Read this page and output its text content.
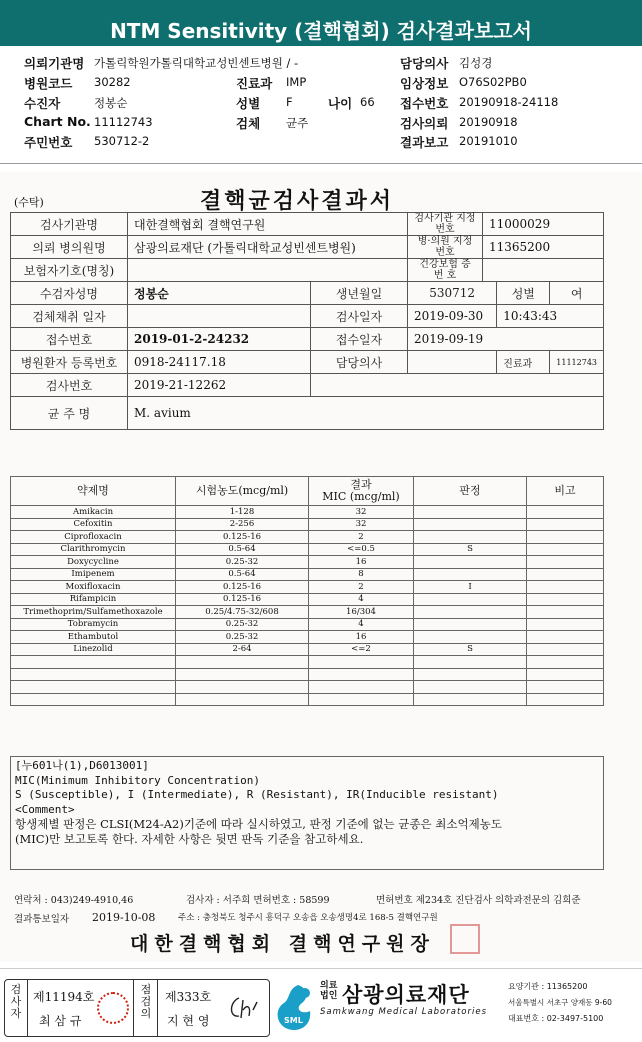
NTM Sensitivity (결핵협회) 검사결과보고서
의뢰기관명 가톨릭학원가톨릭대학교성빈센트병원 / -
병원코드 30282
수진자	정봉순
Chart No. 11112743
주민번호 530712-2
진료과 IMP
성별 F	나이 66
검체 균주
담당의사 김성경
임상정보 O76S02PB0
접수번호 20190918-24118
검사의뢰 20190918
결과보고 20191010
(수탁)	결핵균검사결과서
검사기관명	대한결핵협회 결핵연구원		검사기관 지정번호	11000029		
의뢰 병의원명	삼광의료재단 (가톨릭대학교성빈센트병원)		병·의원 지정번호	11365200		
보험자기호(명칭)			건강보험 증 번 호			
수검자성명	정봉순	생년월일	530712		성별	여
검체채취 일자		검사일자	2019-09-30		10:43:43	
접수번호	2019-01-2-24232	접수일자	2019-09-19			
병원환자 등록번호	0918-24117.18	담당의사			진료과	11112743
검사번호	2019-21-12262					
균 주 명	M. avium					
약제명	시험농도(mcg/ml)	결과
MIC (mcg/ml)	판정	비고
Amikacin	1-128	32		
Cefoxitin	2-256	32		
Ciprofloxacin	0.125-16	2		
Clarithromycin	0.5-64	<=0.5	S	
Doxycycline	0.25-32	16		
Imipenem	0.5-64	8		
Moxifloxacin	0.125-16	2	I	
Rifampicin	0.125-16	4		
Trimethoprim/Sulfamethoxazole	0.25/4.75-32/608	16/304		
Tobramycin	0.25-32	4		
Ethambutol	0.25-32	16		
Linezolid	2-64	<=2	S	

[누601나(1),D6013001]
MIC(Minimum Inhibitory Concentration)
S (Susceptible), I (Intermediate), R (Resistant), IR(Inducible resistant)
<Comment>
항생제별 판정은 CLSI(M24-A2)기준에 따라 실시하였고, 판정 기준에 없는 균종은 최소억제농도
(MIC)만 보고토록 한다. 자세한 사항은 뒷면 판독 기준을 참고하세요.
연락처 : 043)249-4910,46	검사자 : 서주희 면허번호 : 58599	면허번호 제234호 진단검사 의학과전문의 김희준
결과통보일자 2019-10-08	주소 : 충청북도 청주시 흥덕구 오송읍 오송생명4로 168-5 결핵연구원
대한결핵협회 결핵연구원장
검사자
제11194호
최 삼 규
점검의
제333호
지 현 영	SML
의료법인 삼광의료재단
Samkwang Medical Laboratories
요양기관 : 11365200
서울특별시 서초구 양재동 9-60
대표번호 : 02-3497-5100
